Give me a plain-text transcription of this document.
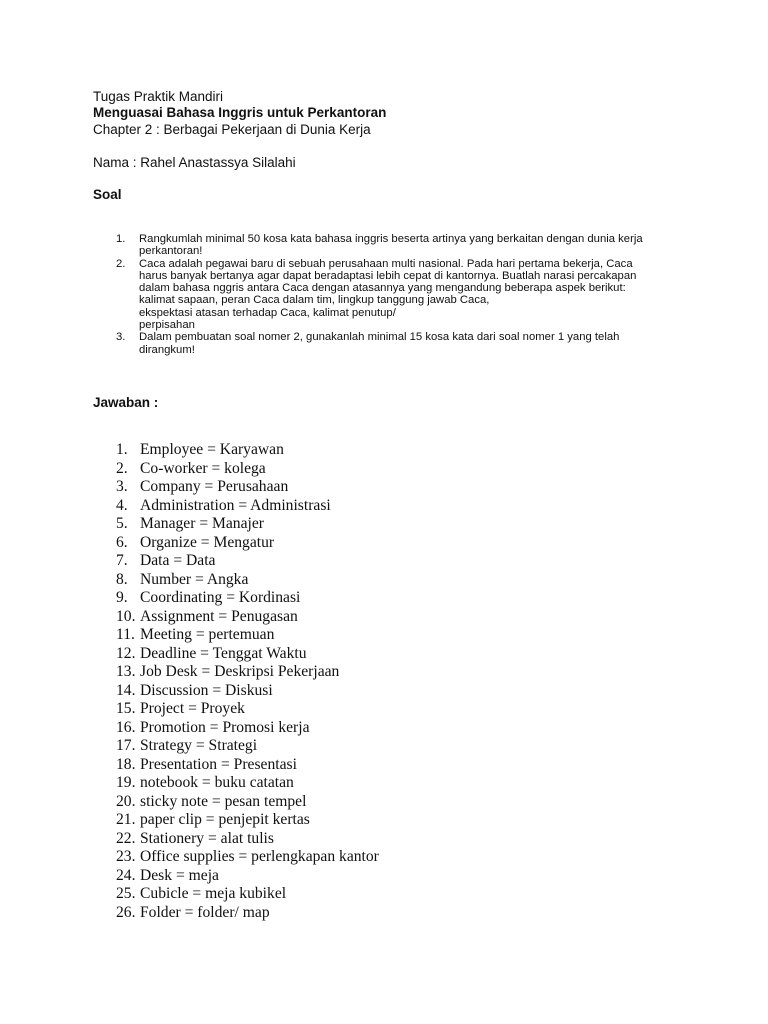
Tugas Praktik Mandiri
Menguasai Bahasa Inggris untuk Perkantoran
Chapter 2 : Berbagai Pekerjaan di Dunia Kerja
Nama : Rahel Anastassya Silalahi
Soal
1. Rangkumlah minimal 50 kosa kata bahasa inggris beserta artinya yang berkaitan dengan dunia kerja
perkantoran!
2. Caca adalah pegawai baru di sebuah perusahaan multi nasional. Pada hari pertama bekerja, Caca
harus banyak bertanya agar dapat beradaptasi lebih cepat di kantornya. Buatlah narasi percakapan
dalam bahasa nggris antara Caca dengan atasannya yang mengandung beberapa aspek berikut:
kalimat sapaan, peran Caca dalam tim, lingkup tanggung jawab Caca,
ekspektasi atasan terhadap Caca, kalimat penutup/
perpisahan
3. Dalam pembuatan soal nomer 2, gunakanlah minimal 15 kosa kata dari soal nomer 1 yang telah
dirangkum!
Jawaban :
1. Employee = Karyawan
2. Co-worker = kolega
3. Company = Perusahaan
4. Administration = Administrasi
5. Manager = Manajer
6. Organize = Mengatur
7. Data = Data
8. Number = Angka
9. Coordinating = Kordinasi
10. Assignment = Penugasan
11. Meeting = pertemuan
12. Deadline = Tenggat Waktu
13. Job Desk = Deskripsi Pekerjaan
14. Discussion = Diskusi
15. Project = Proyek
16. Promotion = Promosi kerja
17. Strategy = Strategi
18. Presentation = Presentasi
19. notebook = buku catatan
20. sticky note = pesan tempel
21. paper clip = penjepit kertas
22. Stationery = alat tulis
23. Office supplies = perlengkapan kantor
24. Desk = meja
25. Cubicle = meja kubikel
26. Folder = folder/ map
